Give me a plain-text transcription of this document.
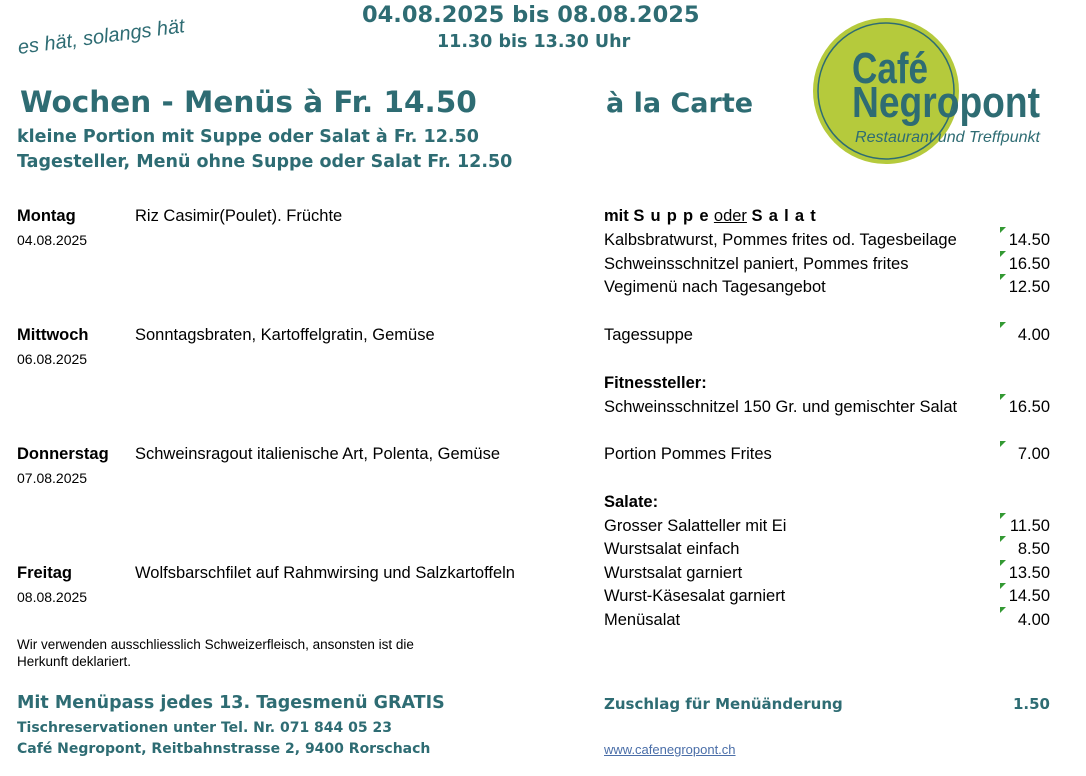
es hät, solangs hät
04.08.2025 bis 08.08.2025
11.30 bis 13.30 Uhr
Wochen - Menüs à Fr. 14.50	à la Carte
kleine Portion mit Suppe oder Salat à Fr. 12.50
Tagesteller, Menü ohne Suppe oder Salat Fr. 12.50
Café
Negropont
Restaurant und Treffpunkt
Montag
04.08.2025
Riz Casimir(Poulet). Früchte
Mittwoch
06.08.2025
Sonntagsbraten, Kartoffelgratin, Gemüse
Donnerstag
07.08.2025
Schweinsragout italienische Art, Polenta, Gemüse
Freitag
08.08.2025
Wolfsbarschfilet auf Rahmwirsing und Salzkartoffeln
Wir verwenden ausschliesslich Schweizerfleisch, ansonsten ist die
Herkunft deklariert.
mit S u p p e oder S a l a t
Kalbsbratwurst, Pommes frites od. Tagesbeilage	14.50
Schweinsschnitzel paniert, Pommes frites	16.50
Vegimenü nach Tagesangebot	12.50
Tagessuppe	4.00
Fitnessteller:
Schweinsschnitzel 150 Gr. und gemischter Salat	16.50
Portion Pommes Frites	7.00
Salate:
Grosser Salatteller mit Ei	11.50
Wurstsalat einfach	8.50
Wurstsalat garniert	13.50
Wurst-Käsesalat garniert	14.50
Menüsalat	4.00
Mit Menüpass jedes 13. Tagesmenü GRATIS
Tischreservationen unter Tel. Nr. 071 844 05 23
Café Negropont, Reitbahnstrasse 2, 9400 Rorschach
Zuschlag für Menüänderung	1.50
www.cafenegropont.ch
